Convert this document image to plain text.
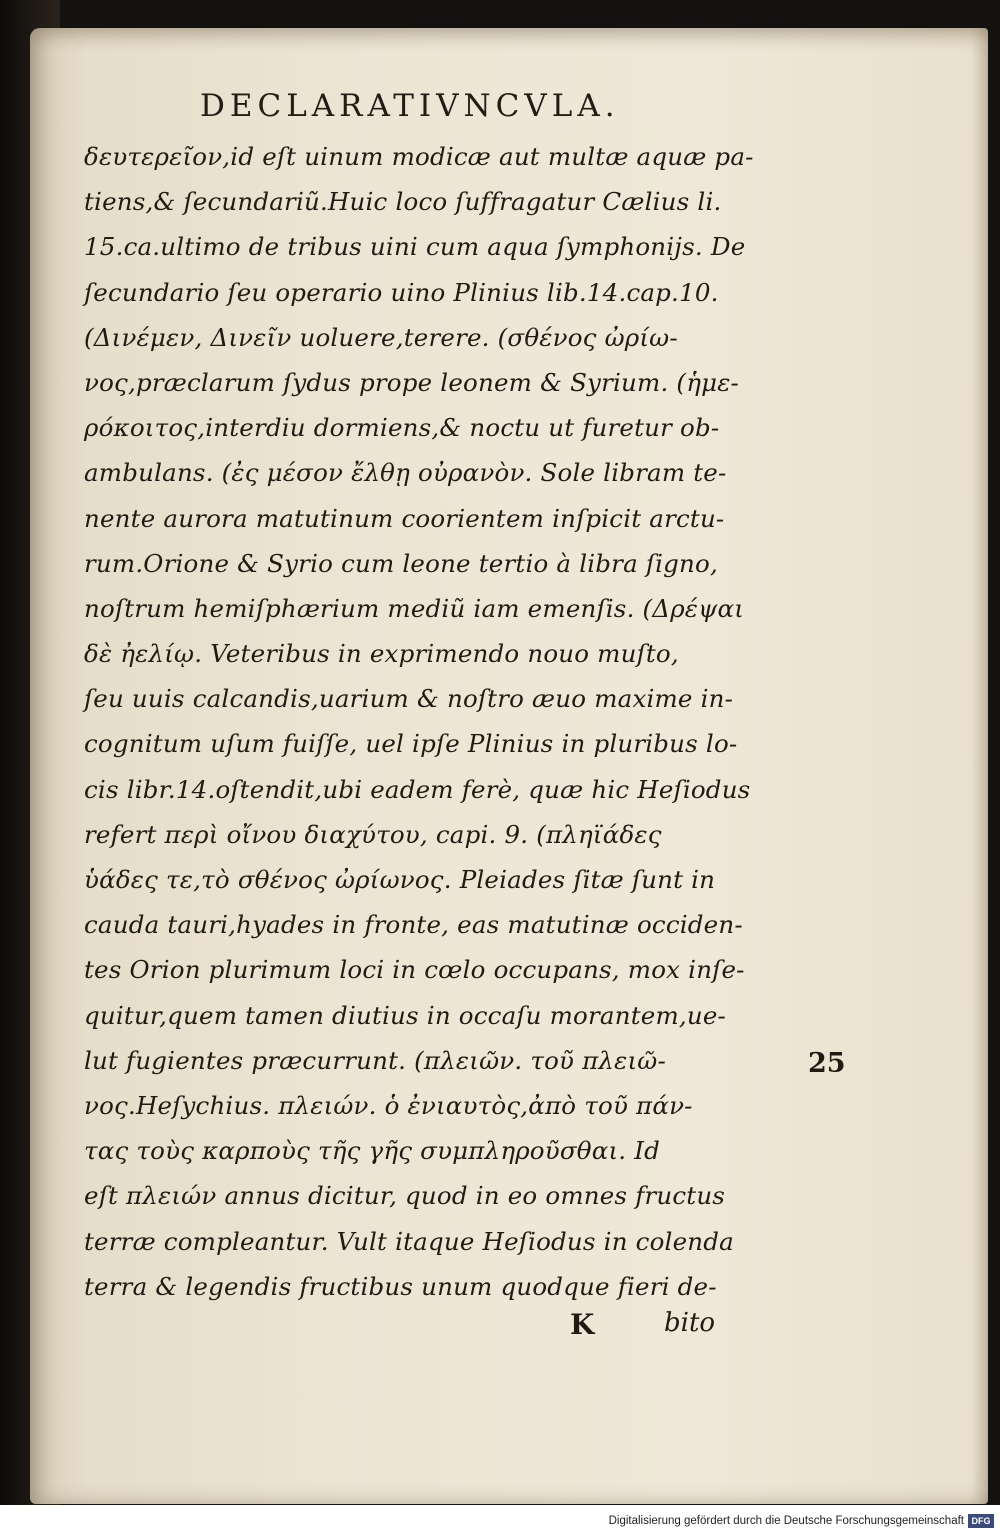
DECLARATIVNCVLA.
δευτερεῖον,id eſt uinum modicæ aut multæ aquæ pa-
tiens,& ſecundariũ.Huic loco ſuffragatur Cælius li.
15.ca.ultimo de tribus uini cum aqua ſymphonijs. De
ſecundario ſeu operario uino Plinius lib.14.cap.10.
(Δινέμεν, Δινεῖν uoluere,terere. (σθένος ὠρίω-
νος,præclarum ſydus prope leonem & Syrium. (ἡμε-
ρόκοιτος,interdiu dormiens,& noctu ut furetur ob-
ambulans. (ἐς μέσον ἔλθῃ οὐρανὸν. Sole libram te-
nente aurora matutinum coorientem inſpicit arctu-
rum.Orione & Syrio cum leone tertio à libra ſigno,
noſtrum hemiſphærium mediũ iam emenſis. (Δρέψαι
δὲ ἠελίῳ. Veteribus in exprimendo nouo muſto,
ſeu uuis calcandis,uarium & noſtro æuo maxime in-
cognitum uſum fuiſſe, uel ipſe Plinius in pluribus lo-
cis libr.14.oſtendit,ubi eadem ferè, quæ hic Heſiodus
refert περὶ οἴνου διαχύτου, capi. 9. (πληϊάδες
ὑάδες τε,τὸ σθένος ὠρίωνος. Pleiades ſitæ ſunt in
cauda tauri,hyades in fronte, eas matutinæ occiden-
tes Orion plurimum loci in cœlo occupans, mox inſe-
quitur,quem tamen diutius in occaſu morantem,ue-
lut fugientes præcurrunt. (πλειῶν. τοῦ πλειῶ-
νος.Heſychius. πλειών. ὁ ἐνιαυτὸς,ἀπὸ τοῦ πάν-
τας τοὺς καρποὺς τῆς γῆς συμπληροῦσθαι. Id
eſt πλειών annus dicitur, quod in eo omnes fructus
terræ compleantur. Vult itaque Heſiodus in colenda
terra & legendis fructibus unum quodque fieri de-
K	bito
25
Digitalisierung gefördert durch die Deutsche Forschungsgemeinschaft DFG
